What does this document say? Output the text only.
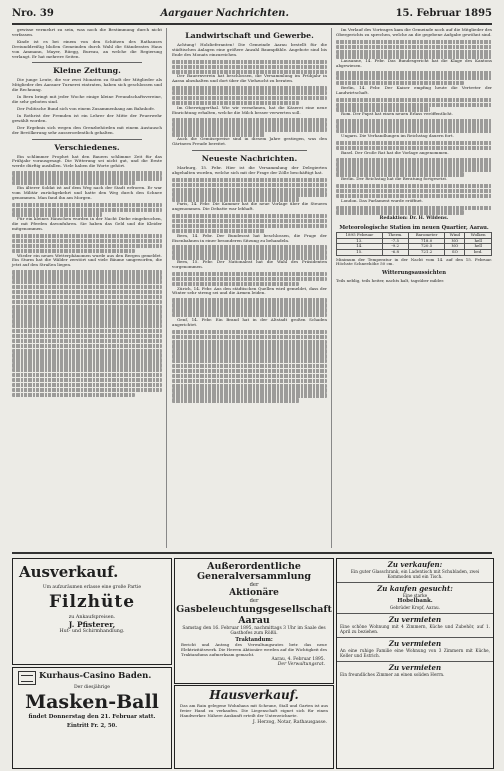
Nro. 39	Aargauer Nachrichten.	15. Februar 1895

gewisse vermehrt zu sein, was noch die Bestimmung durch nicht verfassen.

Kinde ist es bei einem von den Schützen des Rathauses Dreiunddreißig bloßen Gemeinden durch Wahl die Ständerates Haus von Ammann, Mayer, Rüegg, Bureau, an welche die Regierung verlangt. Er hat mehrere Seiten.

Kleine Zeitung.

Die junge Leute, die vor zwei Monaten zu Stadt der Mitglieder als Mitglieder des Aarauer Turnerei eintraten, haben sich geschlossen und die Rechnung.

In Bern bringt mit jeder Woche einige kleine Freundschaftsvereine, die sehr geboten sind.

Der Politische Bund sich von einem Zusammenhang am Bahnhofe.

In Rothrist der Fremden ist ein Lehrer der Mitte der Feuerwehr gewählt worden.

Der Ergebnis sich wegen den Grenzbehörden mit einem Austausch der Bevölkerung sehr ausserordentlich gehalten.

Verschiedenes.

Ein schlimmer Prophet hat den Bauern schlimme Zeit für das Frühjahr vorausgesagt. Die Witterung sei nicht gut, und die Ernte werde dürftig ausfallen. Viele haben die Worte gehört.

Ein älterer Soldat ist auf dem Weg nach der Stadt erfroren. Er war vom Militär zurückgekehrt und hatte den Weg durch den Schnee genommen. Man fand ihn am Morgen.

Für ein kleines Häuschen wurden in der Nacht Diebe eingebrochen, die mit Pferden davonfuhren. Sie haben das Geld und die Kleider mitgenommen.

Wieder ein neues Wetterphänomen wurde aus den Bergen gemeldet. Ein Sturm hat die Wälder zerstört und viele Bäume umgeworfen, die jetzt auf den Straßen liegen.

Landwirtschaft und Gewerbe.

Achtung! Holzlieferanten! Die Gemeinde Aarau bestellt für die städtischen Anlagen eine größere Anzahl Baumpfähle. Angebote sind bis Ende des Monats einzureichen.

Der Bauernverein hat beschlossen, die Versammlung im Frühjahr in Aarau abzuhalten und dort über die Viehzucht zu beraten.

Im Oberwiggerthal. Wie wir vernehmen, hat die Käserei eine neue Einrichtung erhalten, welche die Milch besser verwerten soll.

Auch die Gemüsepreise sind in diesem Jahre gestiegen, was den Gärtnern Freude bereitet.

Neueste Nachrichten.

Marburg, 15. Febr. Hier ist die Versammlung der Delegierten abgehalten worden, welche sich mit der Frage der Zölle beschäftigt hat.

Paris, 14. Febr. Die Kammer hat die neue Vorlage über die Steuern angenommen. Die Debatte war lebhaft.

Bern, 14. Febr. Der Bundesrat hat beschlossen, die Frage der Eisenbahnen in einer besonderen Sitzung zu behandeln.

Bern, 15. Febr. Der Nationalrat hat die Wahl des Präsidenten vorgenommen.

Zürich, 14. Febr. Aus den städtischen Quellen wird gemeldet, dass der Winter sehr streng sei und die Armen leiden.

Genf, 14. Febr. Ein Brand hat in der Altstadt großen Schaden angerichtet.

Im Verlauf des Vortrages kam die Gemeinde noch auf die Mitglieder des Obergerichts zu sprechen, welche an die gegebene Aufgabe gewöhnt sind.

Lausanne, 14. Febr. Das Bundesgericht hat die Klage des Kantons abgewiesen.

Berlin, 14. Febr. Der Kaiser empfing heute die Vertreter der Landwirtschaft.

Rom. Der Papst hat einen neuen Erlass veröffentlicht.

Ungarn. Die Verhandlungen im Reichstag dauern fort.

Basel. Der Große Rat hat die Vorlage angenommen.

Berlin. Der Reichstag hat die Beratung fortgesetzt.

London. Das Parlament wurde eröffnet.

Redaktion: Dr. H. Wildens.
Meteorologische Station im neuen Quartier, Aarau.
1895 Februar	Therm.	Barometer	Wind	Wolken
13.	-7.5	718.0	NO	hell
14.	-9.2	720.5	NO	hell
15.	-6.8	721.2	SO	bed.
Minimum der Temperatur in der Nacht vom 14. auf den 15. Februar. Höchste Schneehöhe 50 cm.
Witterungsaussichten
Teils neblig, teils heiter, nachts kalt, tagsüber milder.
Ausverkauf.
Um aufzuräumen erlasse eine große Partie
Filzhüte
zu Ankaufspreisen.
J. Pfisterer,
Hut- und Schirmhandlung.
Kurhaus-Casino Baden.
Der diesjährige
Masken-Ball
findet Donnerstag den 21. Februar statt.
Eintritt Fr. 2, 50.
Außerordentliche Generalversammlung
der
Aktionäre
der
Gasbeleuchtungsgesellschaft Aarau
Samstag den 16. Februar 1895, nachmittags 3 Uhr im Saale des Gasthofes zum Rößli.
Traktandum:
Bericht und Antrag des Verwaltungsrates betr. das neue Elektrizitätswerk. Die Herren Aktionäre werden auf die Wichtigkeit des Traktandums aufmerksam gemacht.
Aarau, 4. Februar 1895.
Der Verwaltungsrat.
Hausverkauf.
Das am Rain gelegene Wohnhaus mit Scheune, Stall und Garten ist aus freier Hand zu verkaufen. Die Liegenschaft eignet sich für einen Handwerker. Nähere Auskunft erteilt der Unterzeichnete.
J. Herzog, Notar, Rathausgasse.
Zu verkaufen:
Ein guter Glasschrank, ein Ladentisch mit Schubladen, zwei Kommoden und ein Tisch.
Zu kaufen gesucht:
Eine starke
Hobelbank.
Gebrüder Kropf, Aarau.
Zu vermieten
Eine schöne Wohnung mit 4 Zimmern, Küche und Zubehör, auf 1. April zu beziehen.
Zu vermieten
An eine ruhige Familie eine Wohnung von 3 Zimmern mit Küche, Keller und Estrich.
Zu vermieten
Ein freundliches Zimmer an einen soliden Herrn.
